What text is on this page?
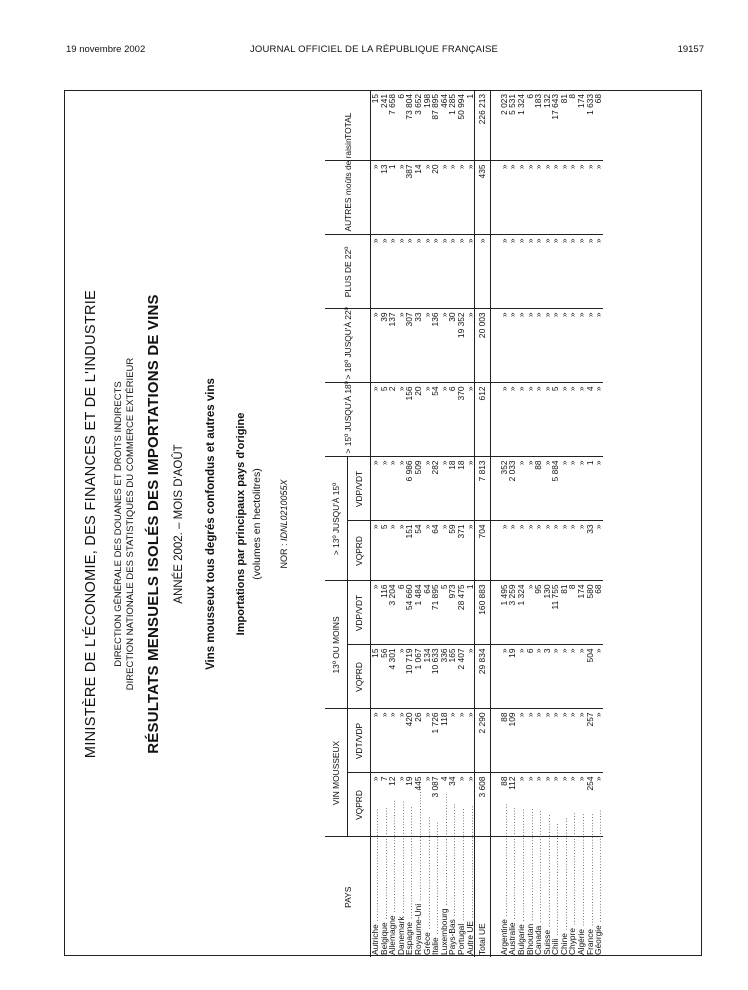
19 novembre 2002	JOURNAL OFFICIEL DE LA RÉPUBLIQUE FRANÇAISE	19157
MINISTÈRE DE L'ÉCONOMIE, DES FINANCES ET DE L'INDUSTRIE DIRECTION GÉNÉRALE DES DOUANES ET DROITS INDIRECTS DIRECTION NATIONALE DES STATISTIQUES DU COMMERCE EXTÉRIEUR RÉSULTATS MENSUELS ISOLÉS DES IMPORTATIONS DE VINS ANNÉE 2002. – MOIS D'AOÛT Vins mousseux tous degrés confondus et autres vins Importations par principaux pays d'origine (volumes en hectolitres) NOR : IDNL0210055X
PAYS	VIN MOUSSEUX		13º OU MOINS		> 13º JUSQU'À 15º		> 15º JUSQU'À 18º	> 18º JUSQU'À 22º	PLUS DE 22º	AUTRES moûts de raisin	TOTAL
	VQPRD	VDT/VDP	VQPRD	VDP/VDT	VQPRD	VDP/VDT					
Autriche ........................................	»	»	15	»	»	»	»	»	»	»	15
Belgique ........................................	7	»	56	116	5	»	5	39	»	13	241
Allemagne ........................................	12	»	4 301	3 204	»	»	2	137	»	1	7 658
Danemark ........................................	»	»	»	6	»	»	»	»	»	»	6
Espagne ........................................	19	420	10 719	54 660	151	6 986	156	307	»	387	73 804
Royaume-Uni ........................................	445	26	1 067	1 484	54	509	20	33	»	14	3 652
Grèce ........................................	»	»	134	64	»	»	»	»	»	»	198
Italie ........................................	3 087	1 726	10 633	71 895	64	282	54	136	»	20	87 895
Luxembourg ........................................	4	118	336	5	»	»	»	»	»	»	464
Pays-Bas ........................................	34	»	165	973	59	18	6	30	»	»	1 285
Portugal ........................................	»	»	2 407	28 475	371	18	370	19 352	»	»	50 994
Autre UE ........................................	»	»	»	1	»	»	»	»	»	»	1
Total UE	3 608	2 290	29 834	160 883	704	7 813	612	20 003	»	435	226 213

Argentine ........................................	88	88	»	1 495	»	352	»	»	»	»	2 023
Australie ........................................	112	109	19	3 259	»	2 033	»	»	»	»	5 531
Bulgarie ........................................	»	»	»	1 324	»	»	»	»	»	»	1 324
Bhoutan ........................................	»	»	6	»	»	»	»	»	»	»	6
Canada ........................................	»	»	»	95	»	88	»	»	»	»	183
Suisse ........................................	»	»	3	130	»	»	»	»	»	»	132
Chili ........................................	»	»	»	11 755	»	5 884	5	»	»	»	17 643
Chine ........................................	»	»	»	81	»	»	»	»	»	»	81
Chypre ........................................	»	»	»	8	»	»	»	»	»	»	8
Algérie ........................................	»	»	»	174	»	»	»	»	»	»	174
France ........................................	254	257	504	580	33	1	4	»	»	»	1 633
Géorgie ........................................	»	»	»	68	»	»	»	»	»	»	68
